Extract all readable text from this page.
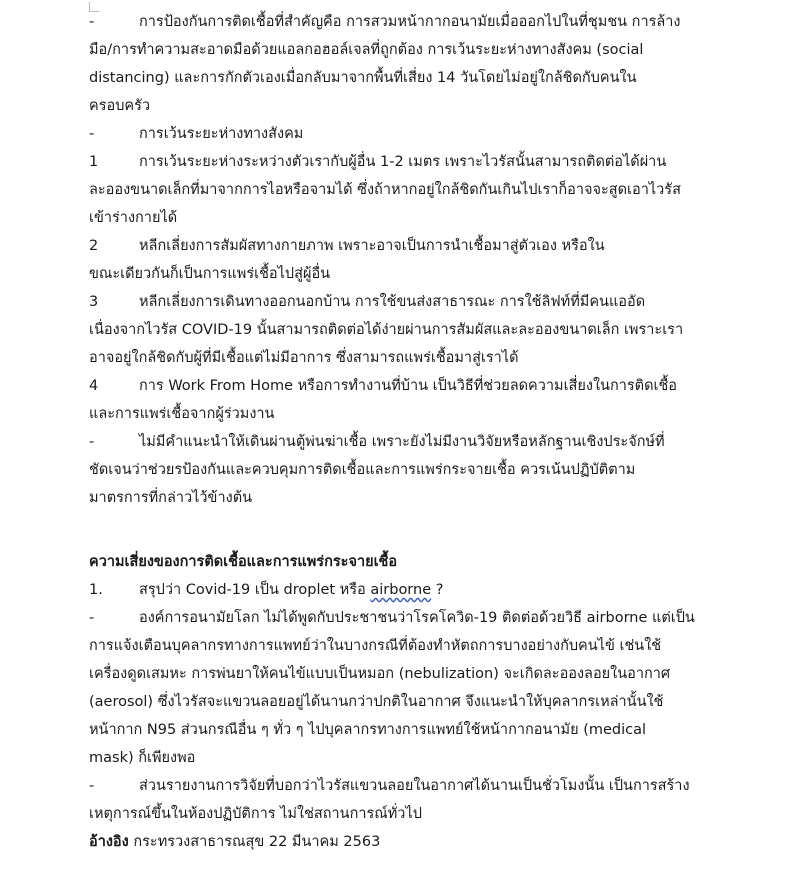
-	การป้องกันการติดเชื้อที่สำคัญคือ การสวมหน้ากากอนามัยเมื่อออกไปในที่ชุมชน การล้าง
มือ/การทำความสะอาดมือด้วยแอลกอฮอล์เจลที่ถูกต้อง การเว้นระยะห่างทางสังคม (social
distancing) และการกักตัวเองเมื่อกลับมาจากพื้นที่เสี่ยง 14 วันโดยไม่อยู่ใกล้ชิดกับคนใน
ครอบครัว
-	การเว้นระยะห่างทางสังคม
1	การเว้นระยะห่างระหว่างตัวเรากับผู้อื่น 1-2 เมตร เพราะไวรัสนั้นสามารถติดต่อได้ผ่าน
ละอองขนาดเล็กที่มาจากการไอหรือจามได้ ซึ่งถ้าหากอยู่ใกล้ชิดกันเกินไปเราก็อาจจะสูดเอาไวรัส
เข้าร่างกายได้
2	หลีกเลี่ยงการสัมผัสทางกายภาพ เพราะอาจเป็นการนำเชื้อมาสู่ตัวเอง หรือใน
ขณะเดียวกันก็เป็นการแพร่เชื้อไปสู่ผู้อื่น
3	หลีกเลี่ยงการเดินทางออกนอกบ้าน การใช้ขนส่งสาธารณะ การใช้ลิฟท์ที่มีคนแออัด
เนื่องจากไวรัส COVID-19 นั้นสามารถติดต่อได้ง่ายผ่านการสัมผัสและละอองขนาดเล็ก เพราะเรา
อาจอยู่ใกล้ชิดกับผู้ที่มีเชื้อแต่ไม่มีอาการ ซึ่งสามารถแพร่เชื้อมาสู่เราได้
4	การ Work From Home หรือการทำงานที่บ้าน เป็นวิธีที่ช่วยลดความเสี่ยงในการติดเชื้อ
และการแพร่เชื้อจากผู้ร่วมงาน
-	ไม่มีคำแนะนำให้เดินผ่านตู้พ่นฆ่าเชื้อ เพราะยังไม่มีงานวิจัยหรือหลักฐานเชิงประจักษ์ที่
ชัดเจนว่าช่วยรป้องกันและควบคุมการติดเชื้อและการแพร่กระจายเชื้อ ควรเน้นปฏิบัติตาม
มาตรการที่กล่าวไว้ข้างต้น
ความเสี่ยงของการติดเชื้อและการแพร่กระจายเชื้อ
1. สรุปว่า Covid-19 เป็น droplet หรือ airborne ?
-	องค์การอนามัยโลก ไม่ได้พูดกับประชาชนว่าโรคโควิด-19 ติดต่อด้วยวิธี airborne แต่เป็น
การแจ้งเตือนบุคลากรทางการแพทย์ว่าในบางกรณีที่ต้องทำหัตถการบางอย่างกับคนไข้ เช่นใช้
เครื่องดูดเสมหะ การพ่นยาให้คนไข้แบบเป็นหมอก (nebulization) จะเกิดละอองลอยในอากาศ
(aerosol) ซึ่งไวรัสจะแขวนลอยอยู่ได้นานกว่าปกติในอากาศ จึงแนะนำให้บุคลากรเหล่านั้นใช้
หน้ากาก N95 ส่วนกรณีอื่น ๆ ทั่ว ๆ ไปบุคลากรทางการแพทย์ใช้หน้ากากอนามัย (medical
mask) ก็เพียงพอ
-	ส่วนรายงานการวิจัยที่บอกว่าไวรัสแขวนลอยในอากาศได้นานเป็นชั่วโมงนั้น เป็นการสร้าง
เหตุการณ์ขึ้นในห้องปฏิบัติการ ไม่ใช่สถานการณ์ทั่วไป
อ้างอิง กระทรวงสาธารณสุข 22 มีนาคม 2563
